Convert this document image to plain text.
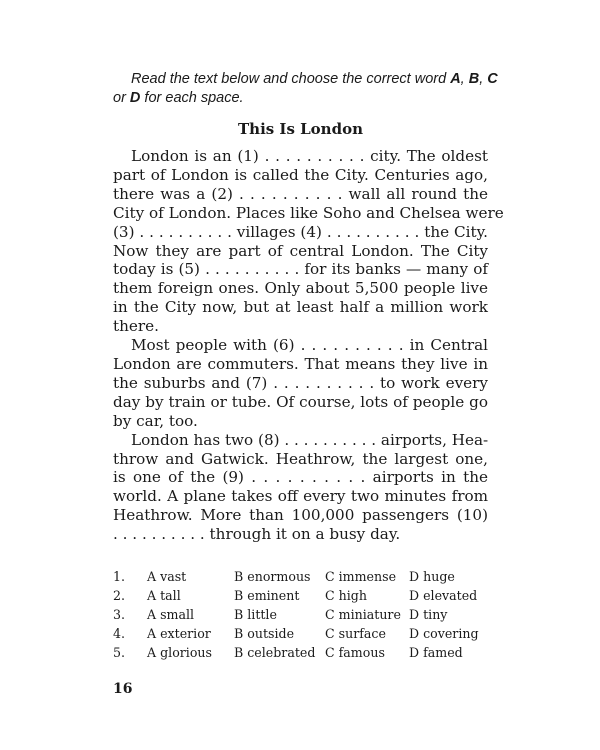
Read the text below and choose the correct word A, B, C or D for each space.
This Is London
London is an (1) . . . . . . . . . . city. The oldest
part of London is called the City. Centuries ago,
there was a (2) . . . . . . . . . . wall all round the
City of London. Places like Soho and Chelsea were
(3) . . . . . . . . . . villages (4) . . . . . . . . . . the City.
Now they are part of central London. The City
today is (5) . . . . . . . . . . for its banks — many of
them foreign ones. Only about 5,500 people live
in the City now, but at least half a million work
there.
Most people with (6) . . . . . . . . . . in Central
London are commuters. That means they live in
the suburbs and (7) . . . . . . . . . . to work every
day by train or tube. Of course, lots of people go
by car, too.
London has two (8) . . . . . . . . . . airports, Hea-
throw and Gatwick. Heathrow, the largest one,
is one of the (9) . . . . . . . . . . airports in the
world. A plane takes off every two minutes from
Heathrow. More than 100,000 passengers (10)
. . . . . . . . . . through it on a busy day.
1.	A vast	B enormous	C immense	D huge
2.	A tall	B eminent	C high	D elevated
3.	A small	B little	C miniature	D tiny
4.	A exterior	B outside	C surface	D covering
5.	A glorious	B celebrated	C famous	D famed
16
